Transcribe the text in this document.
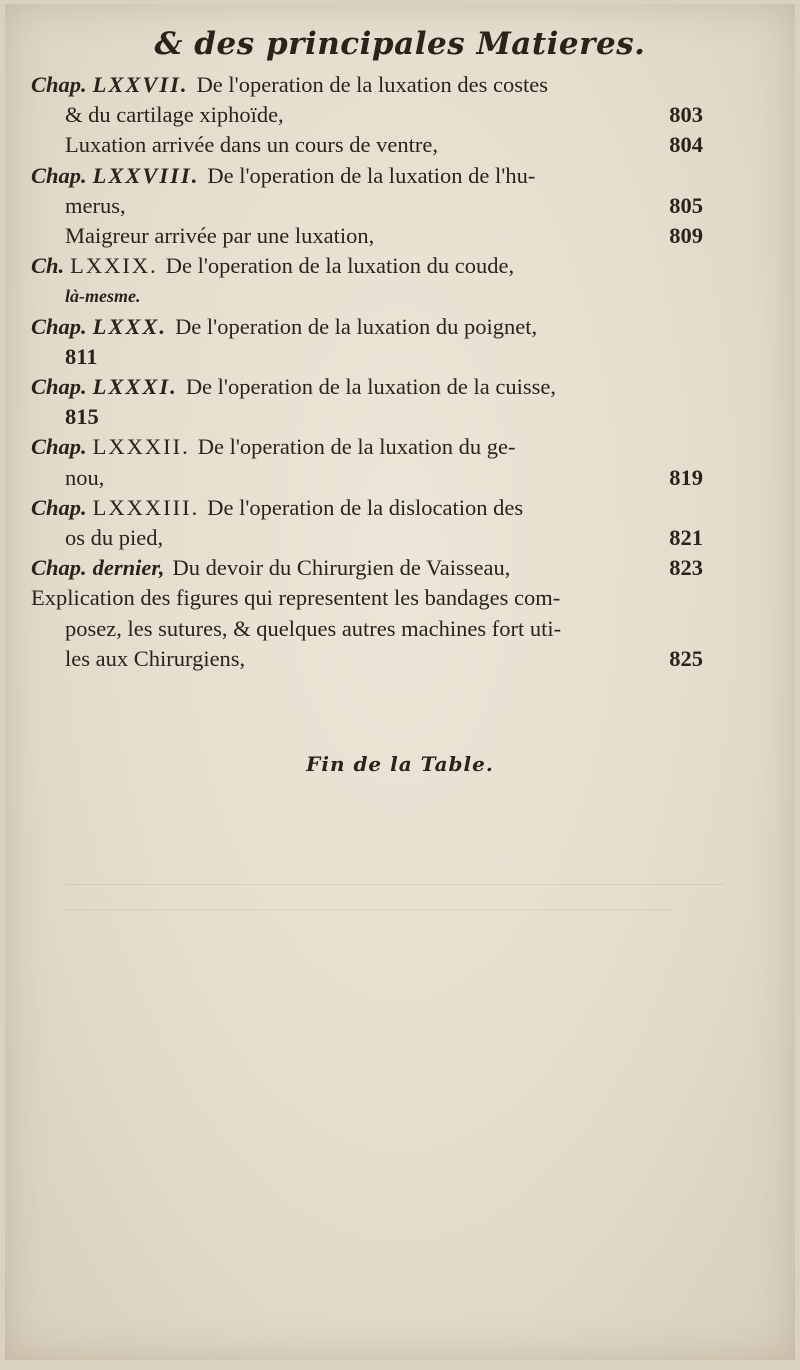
& des principales Matieres.
Chap. LXXVII. De l'operation de la luxation des costes
& du cartilage xiphoïde,	803
Luxation arrivée dans un cours de ventre,	804
Chap. LXXVIII. De l'operation de la luxation de l'hu-
merus,	805
Maigreur arrivée par une luxation,	809
Ch. LXXIX. De l'operation de la luxation du coude,
là-mesme.
Chap. LXXX. De l'operation de la luxation du poignet,
811
Chap. LXXXI. De l'operation de la luxation de la cuisse,
815
Chap. LXXXII. De l'operation de la luxation du ge-
nou,	819
Chap. LXXXIII. De l'operation de la dislocation des
os du pied,	821
Chap. dernier, Du devoir du Chirurgien de Vaisseau,	823
Explication des figures qui representent les bandages com-
posez, les sutures, & quelques autres machines fort uti-
les aux Chirurgiens,	825
Fin de la Table.
